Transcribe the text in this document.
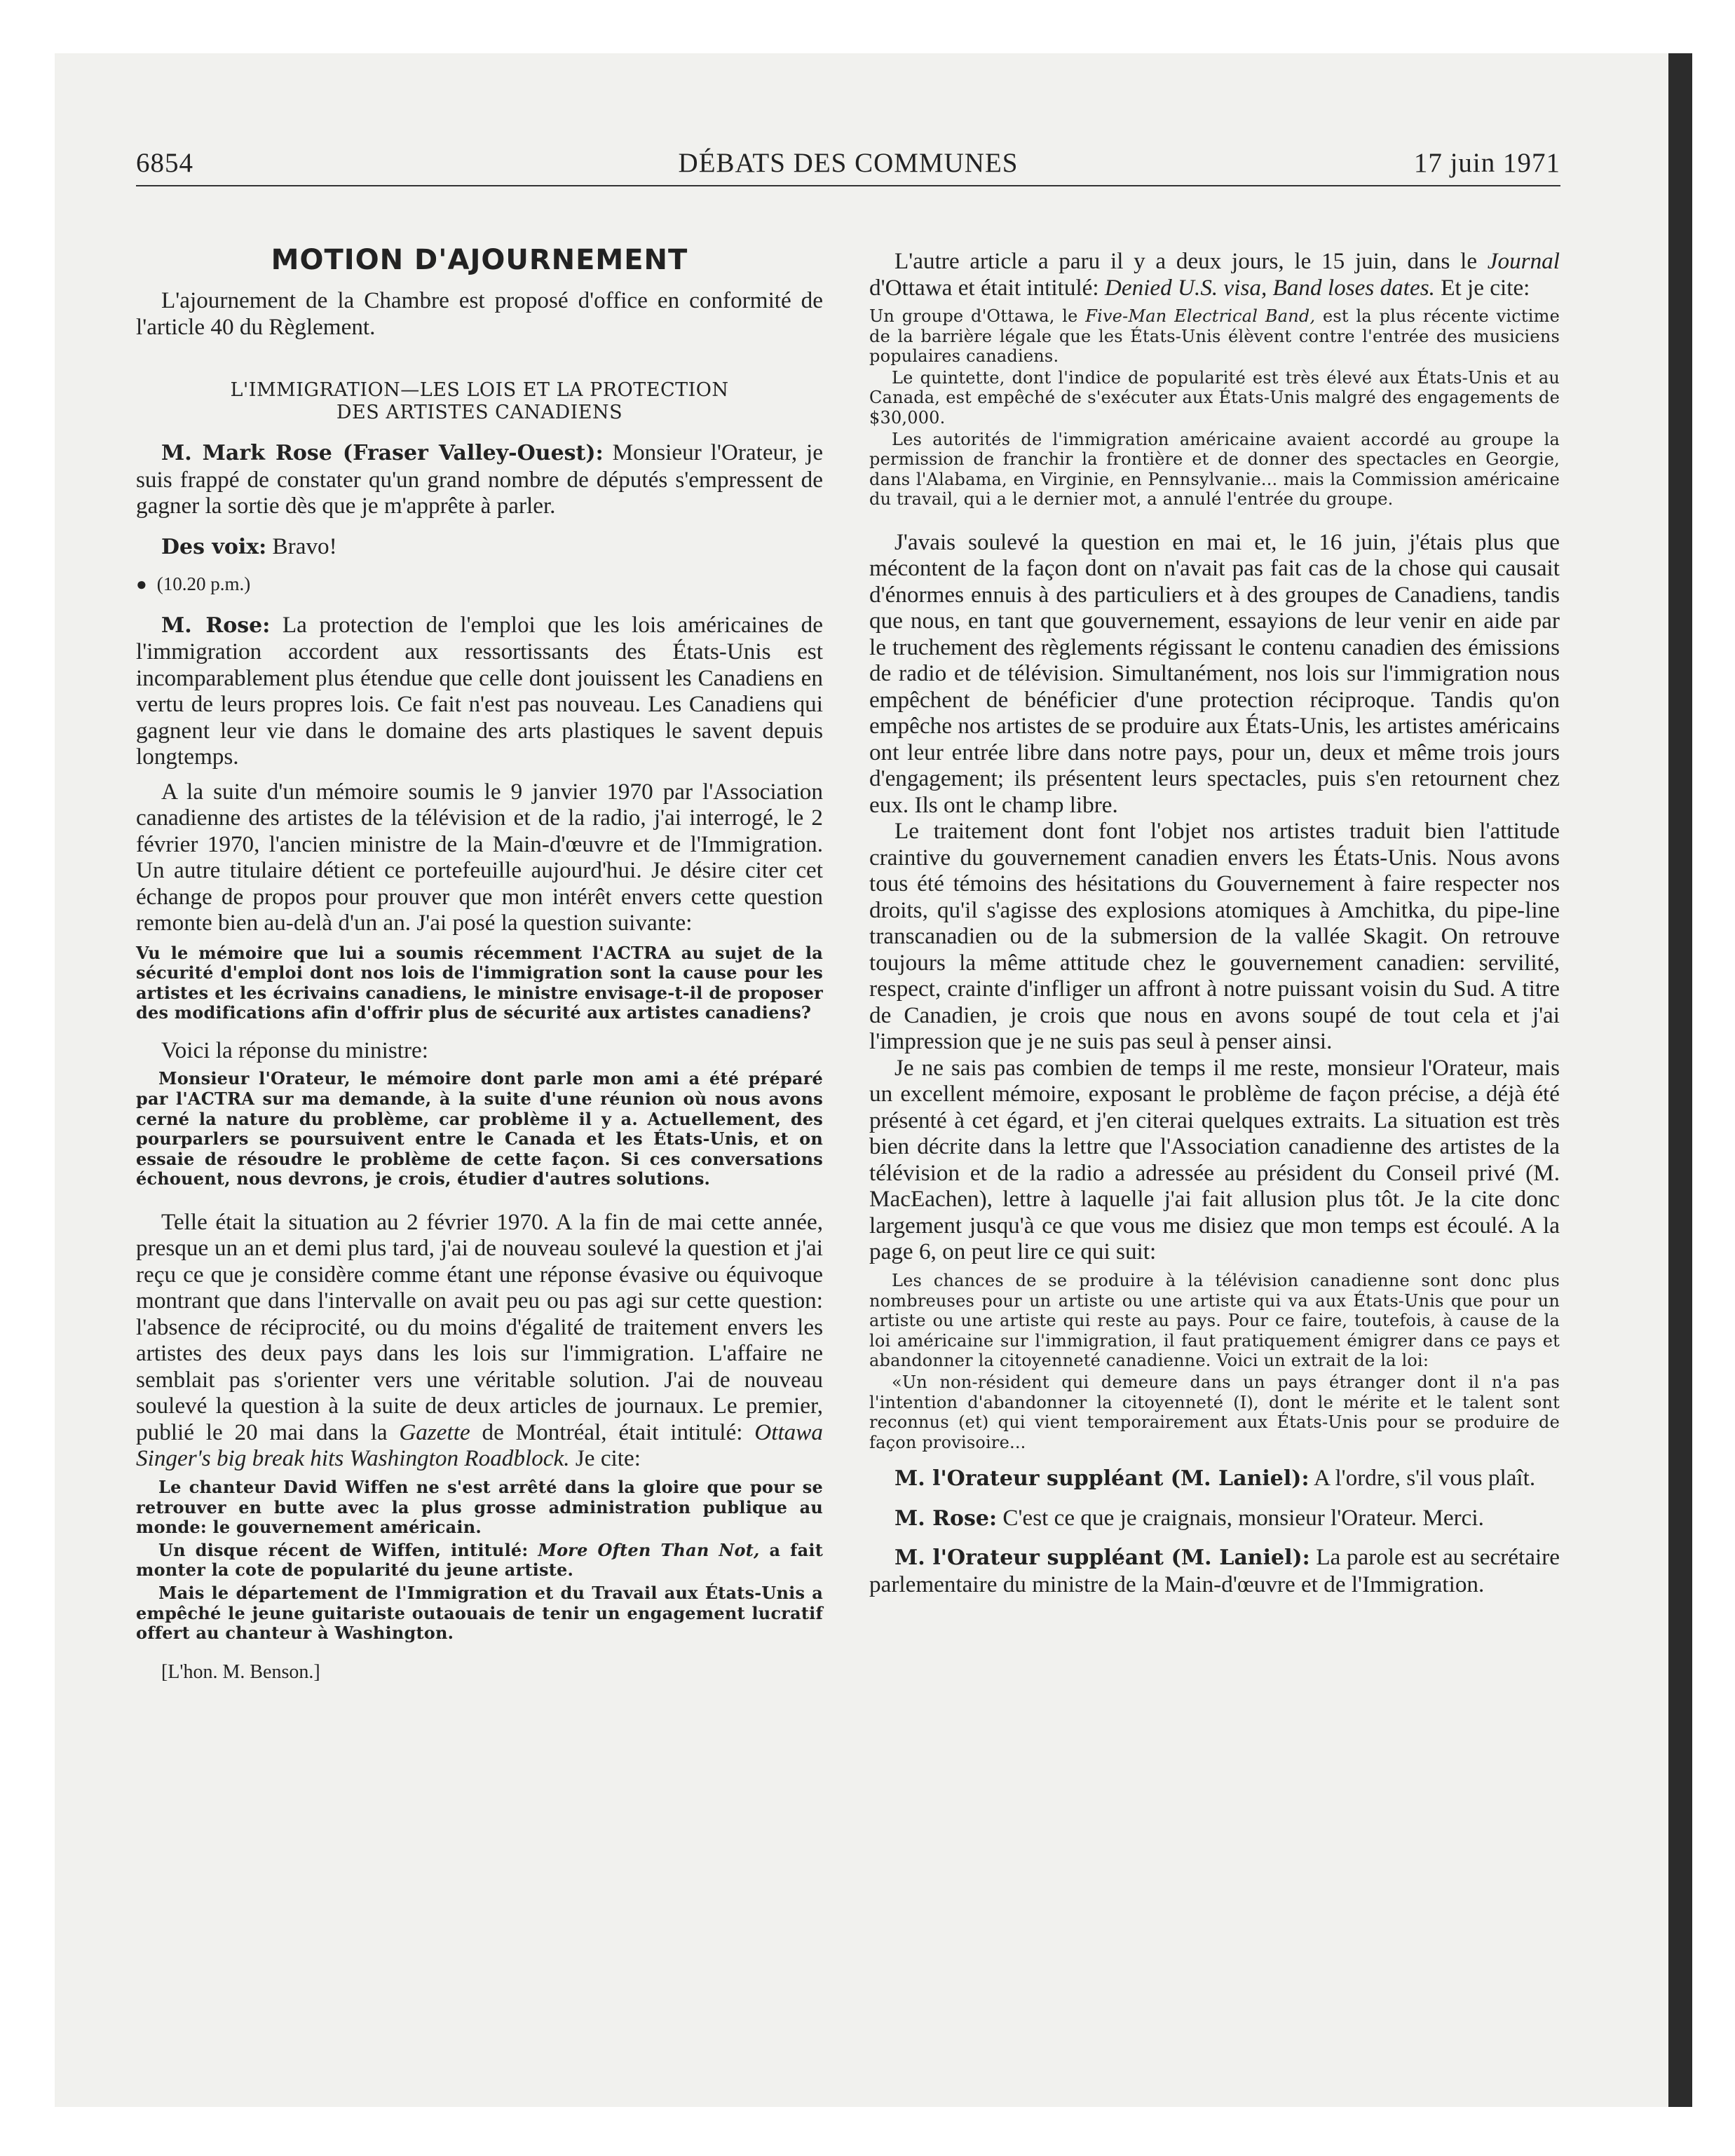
6854	DÉBATS DES COMMUNES	17 juin 1971
MOTION D'AJOURNEMENT

L'ajournement de la Chambre est proposé d'office en conformité de l'article 40 du Règlement.

L'IMMIGRATION—LES LOIS ET LA PROTECTION
DES ARTISTES CANADIENS

M. Mark Rose (Fraser Valley-Ouest): Monsieur l'Orateur, je suis frappé de constater qu'un grand nombre de députés s'empressent de gagner la sortie dès que je m'apprête à parler.

Des voix: Bravo!

● (10.20 p.m.)

M. Rose: La protection de l'emploi que les lois américaines de l'immigration accordent aux ressortissants des États-Unis est incomparablement plus étendue que celle dont jouissent les Canadiens en vertu de leurs propres lois. Ce fait n'est pas nouveau. Les Canadiens qui gagnent leur vie dans le domaine des arts plastiques le savent depuis longtemps.

A la suite d'un mémoire soumis le 9 janvier 1970 par l'Association canadienne des artistes de la télévision et de la radio, j'ai interrogé, le 2 février 1970, l'ancien ministre de la Main-d'œuvre et de l'Immigration. Un autre titulaire détient ce portefeuille aujourd'hui. Je désire citer cet échange de propos pour prouver que mon intérêt envers cette question remonte bien au-delà d'un an. J'ai posé la question suivante:

Vu le mémoire que lui a soumis récemment l'ACTRA au sujet de la sécurité d'emploi dont nos lois de l'immigration sont la cause pour les artistes et les écrivains canadiens, le ministre envisage-t-il de proposer des modifications afin d'offrir plus de sécurité aux artistes canadiens?

Voici la réponse du ministre:

Monsieur l'Orateur, le mémoire dont parle mon ami a été préparé par l'ACTRA sur ma demande, à la suite d'une réunion où nous avons cerné la nature du problème, car problème il y a. Actuellement, des pourparlers se poursuivent entre le Canada et les États-Unis, et on essaie de résoudre le problème de cette façon. Si ces conversations échouent, nous devrons, je crois, étudier d'autres solutions.

Telle était la situation au 2 février 1970. A la fin de mai cette année, presque un an et demi plus tard, j'ai de nouveau soulevé la question et j'ai reçu ce que je considère comme étant une réponse évasive ou équivoque montrant que dans l'intervalle on avait peu ou pas agi sur cette question: l'absence de réciprocité, ou du moins d'égalité de traitement envers les artistes des deux pays dans les lois sur l'immigration. L'affaire ne semblait pas s'orienter vers une véritable solution. J'ai de nouveau soulevé la question à la suite de deux articles de journaux. Le premier, publié le 20 mai dans la Gazette de Montréal, était intitulé: Ottawa Singer's big break hits Washington Roadblock. Je cite:

Le chanteur David Wiffen ne s'est arrêté dans la gloire que pour se retrouver en butte avec la plus grosse administration publique au monde: le gouvernement américain.
Un disque récent de Wiffen, intitulé: More Often Than Not, a fait monter la cote de popularité du jeune artiste.
Mais le département de l'Immigration et du Travail aux États-Unis a empêché le jeune guitariste outaouais de tenir un engagement lucratif offert au chanteur à Washington.

[L'hon. M. Benson.]

L'autre article a paru il y a deux jours, le 15 juin, dans le Journal d'Ottawa et était intitulé: Denied U.S. visa, Band loses dates. Et je cite:

Un groupe d'Ottawa, le Five-Man Electrical Band, est la plus récente victime de la barrière légale que les États-Unis élèvent contre l'entrée des musiciens populaires canadiens.
Le quintette, dont l'indice de popularité est très élevé aux États-Unis et au Canada, est empêché de s'exécuter aux États-Unis malgré des engagements de $30,000.
Les autorités de l'immigration américaine avaient accordé au groupe la permission de franchir la frontière et de donner des spectacles en Georgie, dans l'Alabama, en Virginie, en Pennsylvanie... mais la Commission américaine du travail, qui a le dernier mot, a annulé l'entrée du groupe.

J'avais soulevé la question en mai et, le 16 juin, j'étais plus que mécontent de la façon dont on n'avait pas fait cas de la chose qui causait d'énormes ennuis à des particuliers et à des groupes de Canadiens, tandis que nous, en tant que gouvernement, essayions de leur venir en aide par le truchement des règlements régissant le contenu canadien des émissions de radio et de télévision. Simultanément, nos lois sur l'immigration nous empêchent de bénéficier d'une protection réciproque. Tandis qu'on empêche nos artistes de se produire aux États-Unis, les artistes américains ont leur entrée libre dans notre pays, pour un, deux et même trois jours d'engagement; ils présentent leurs spectacles, puis s'en retournent chez eux. Ils ont le champ libre.

Le traitement dont font l'objet nos artistes traduit bien l'attitude craintive du gouvernement canadien envers les États-Unis. Nous avons tous été témoins des hésitations du Gouvernement à faire respecter nos droits, qu'il s'agisse des explosions atomiques à Amchitka, du pipe-line transcanadien ou de la submersion de la vallée Skagit. On retrouve toujours la même attitude chez le gouvernement canadien: servilité, respect, crainte d'infliger un affront à notre puissant voisin du Sud. A titre de Canadien, je crois que nous en avons soupé de tout cela et j'ai l'impression que je ne suis pas seul à penser ainsi.

Je ne sais pas combien de temps il me reste, monsieur l'Orateur, mais un excellent mémoire, exposant le problème de façon précise, a déjà été présenté à cet égard, et j'en citerai quelques extraits. La situation est très bien décrite dans la lettre que l'Association canadienne des artistes de la télévision et de la radio a adressée au président du Conseil privé (M. MacEachen), lettre à laquelle j'ai fait allusion plus tôt. Je la cite donc largement jusqu'à ce que vous me disiez que mon temps est écoulé. A la page 6, on peut lire ce qui suit:

Les chances de se produire à la télévision canadienne sont donc plus nombreuses pour un artiste ou une artiste qui va aux États-Unis que pour un artiste ou une artiste qui reste au pays. Pour ce faire, toutefois, à cause de la loi américaine sur l'immigration, il faut pratiquement émigrer dans ce pays et abandonner la citoyenneté canadienne. Voici un extrait de la loi:
«Un non-résident qui demeure dans un pays étranger dont il n'a pas l'intention d'abandonner la citoyenneté (I), dont le mérite et le talent sont reconnus (et) qui vient temporairement aux États-Unis pour se produire de façon provisoire...

M. l'Orateur suppléant (M. Laniel): A l'ordre, s'il vous plaît.

M. Rose: C'est ce que je craignais, monsieur l'Orateur. Merci.

M. l'Orateur suppléant (M. Laniel): La parole est au secrétaire parlementaire du ministre de la Main-d'œuvre et de l'Immigration.
